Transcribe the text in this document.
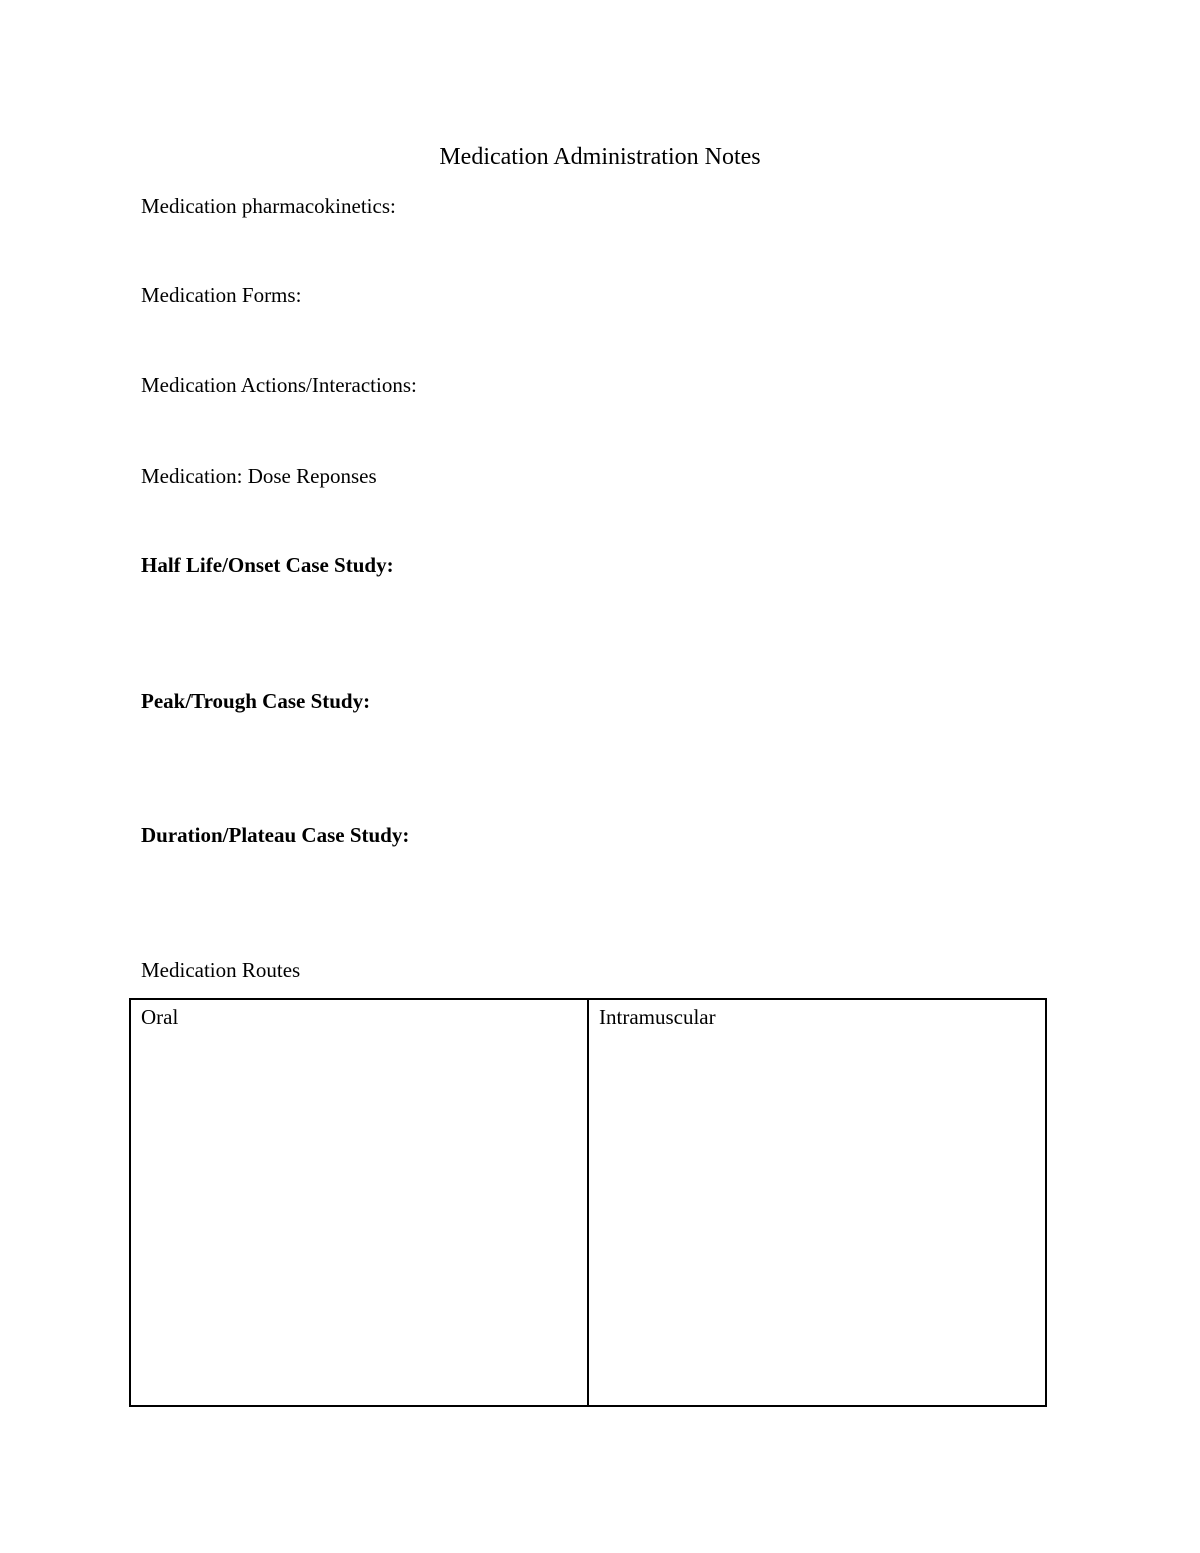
Medication Administration Notes
Medication pharmacokinetics:
Medication Forms:
Medication Actions/Interactions:
Medication: Dose Reponses
Half Life/Onset Case Study:
Peak/Trough Case Study:
Duration/Plateau Case Study:
Medication Routes
Oral	Intramuscular
